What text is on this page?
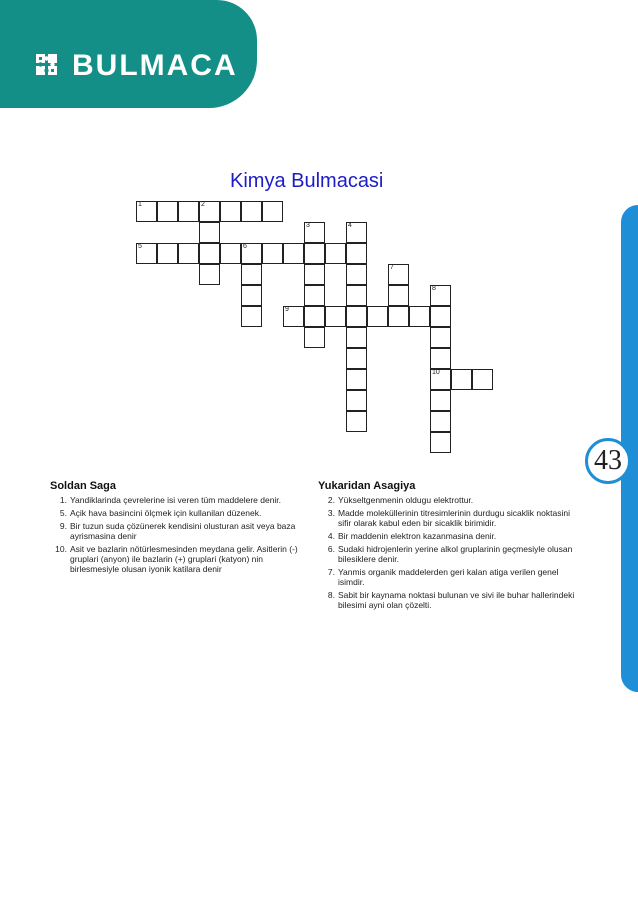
BULMACA
43
Kimya Bulmacasi
1	2
3	4
5	6
7
8
9
10
Soldan Saga
1. Yandiklarinda çevrelerine isi veren tüm maddelere denir.
5. Açik hava basincini ölçmek için kullanilan düzenek.
9. Bir tuzun suda çözünerek kendisini olusturan asit veya baza ayrismasina denir
10. Asit ve bazlarin nötürlesmesinden meydana gelir. Asitlerin (-) gruplari (anyon) ile bazlarin (+) gruplari (katyon) nin birlesmesiyle olusan iyonik katilara denir
Yukaridan Asagiya
2. Yükseltgenmenin oldugu elektrottur.
3. Madde moleküllerinin titresimlerinin durdugu sicaklik noktasini sifir olarak kabul eden bir sicaklik birimidir.
4. Bir maddenin elektron kazanmasina denir.
6. Sudaki hidrojenlerin yerine alkol gruplarinin geçmesiyle olusan bilesiklere denir.
7. Yanmis organik maddelerden geri kalan atiga verilen genel isimdir.
8. Sabit bir kaynama noktasi bulunan ve sivi ile buhar hallerindeki bilesimi ayni olan çözelti.
